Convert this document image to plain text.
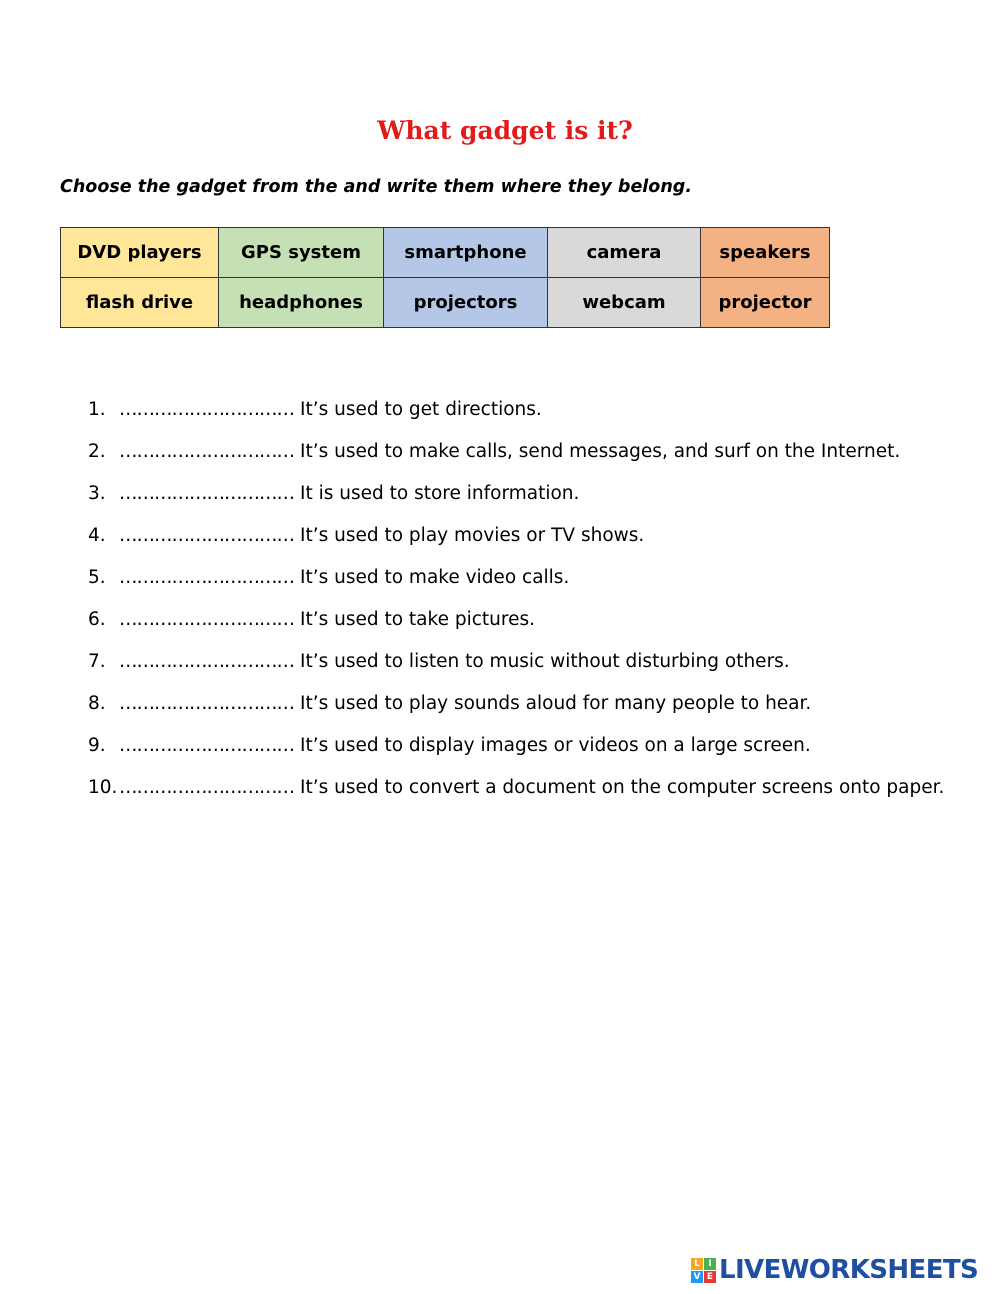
What gadget is it?

Choose the gadget from the and write them where they belong.

DVD players	GPS system	smartphone	camera	speakers
flash drive	headphones	projectors	webcam	projector
1. ………………………… It’s used to get directions.
2. ………………………… It’s used to make calls, send messages, and surf on the Internet.
3. ………………………… It is used to store information.
4. ………………………… It’s used to play movies or TV shows.
5. ………………………… It’s used to make video calls.
6. ………………………… It’s used to take pictures.
7. ………………………… It’s used to listen to music without disturbing others.
8. ………………………… It’s used to play sounds aloud for many people to hear.
9. ………………………… It’s used to display images or videos on a large screen.
10.………………………… It’s used to convert a document on the computer screens onto paper.
L I
V E LIVEWORKSHEETS
